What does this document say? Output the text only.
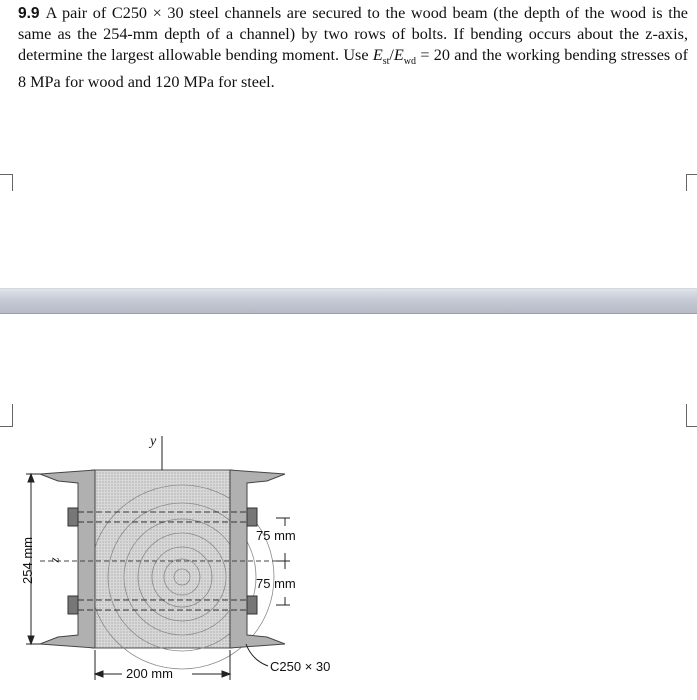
9.9 A pair of C250 × 30 steel channels are secured to the wood beam (the depth of the wood is the same as the 254-mm depth of a channel) by two rows of bolts. If bending occurs about the z-axis, determine the largest allowable bending moment. Use $E_{st}/E_{wd} = 20$ and the working bending stresses of 8 MPa for wood and 120 MPa for steel.
y
z
254 mm
75 mm
75 mm
200 mm	C250 × 30
